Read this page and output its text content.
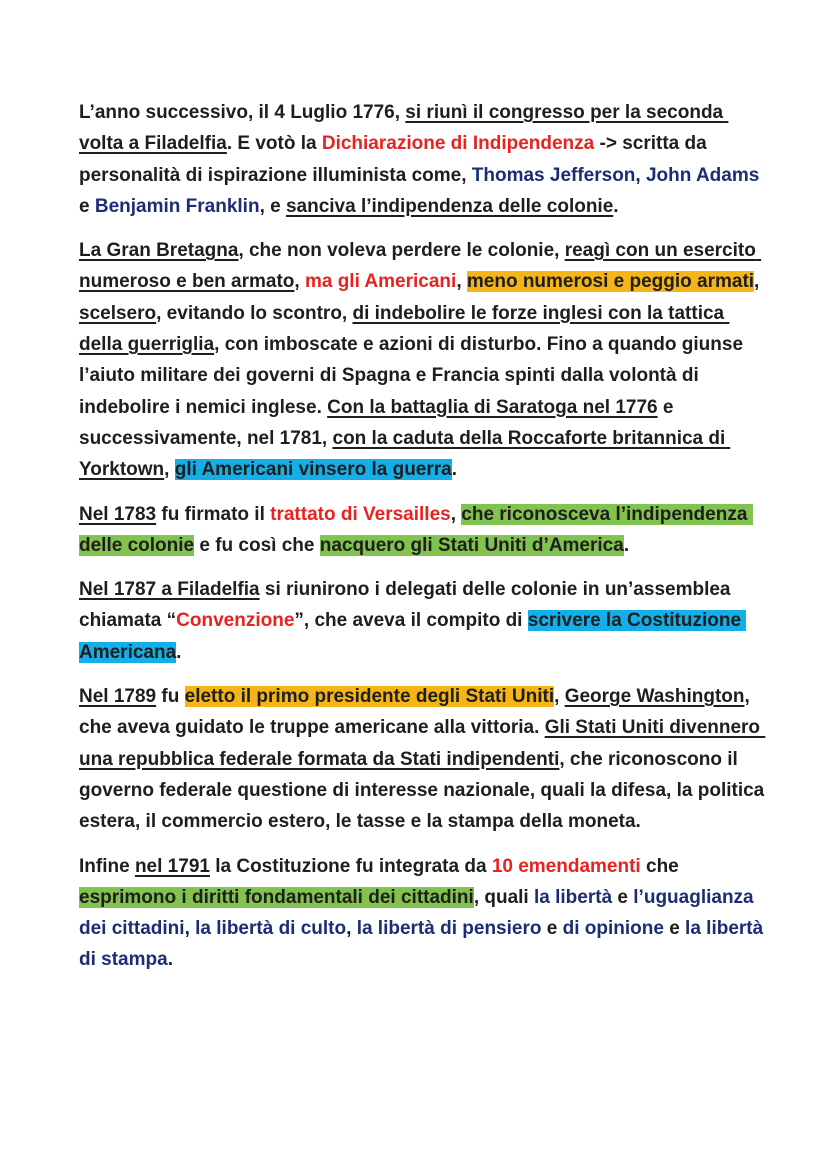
L’anno successivo, il 4 Luglio 1776, si riunì il congresso per la seconda volta a Filadelfia. E votò la Dichiarazione di Indipendenza -> scritta da personalità di ispirazione illuminista come, Thomas Jefferson, John Adams e Benjamin Franklin, e sanciva l’indipendenza delle colonie.

La Gran Bretagna, che non voleva perdere le colonie, reagì con un esercito numeroso e ben armato, ma gli Americani, meno numerosi e peggio armati, scelsero, evitando lo scontro, di indebolire le forze inglesi con la tattica della guerriglia, con imboscate e azioni di disturbo. Fino a quando giunse l’aiuto militare dei governi di Spagna e Francia spinti dalla volontà di indebolire i nemici inglese. Con la battaglia di Saratoga nel 1776 e successivamente, nel 1781, con la caduta della Roccaforte britannica di Yorktown, gli Americani vinsero la guerra.

Nel 1783 fu firmato il trattato di Versailles, che riconosceva l’indipendenza delle colonie e fu così che nacquero gli Stati Uniti d’America.

Nel 1787 a Filadelfia si riunirono i delegati delle colonie in un’assemblea chiamata “Convenzione”, che aveva il compito di scrivere la Costituzione Americana.

Nel 1789 fu eletto il primo presidente degli Stati Uniti, George Washington, che aveva guidato le truppe americane alla vittoria. Gli Stati Uniti divennero una repubblica federale formata da Stati indipendenti, che riconoscono il governo federale questione di interesse nazionale, quali la difesa, la politica estera, il commercio estero, le tasse e la stampa della moneta.

Infine nel 1791 la Costituzione fu integrata da 10 emendamenti che esprimono i diritti fondamentali dei cittadini, quali la libertà e l’uguaglianza dei cittadini, la libertà di culto, la libertà di pensiero e di opinione e la libertà di stampa.
